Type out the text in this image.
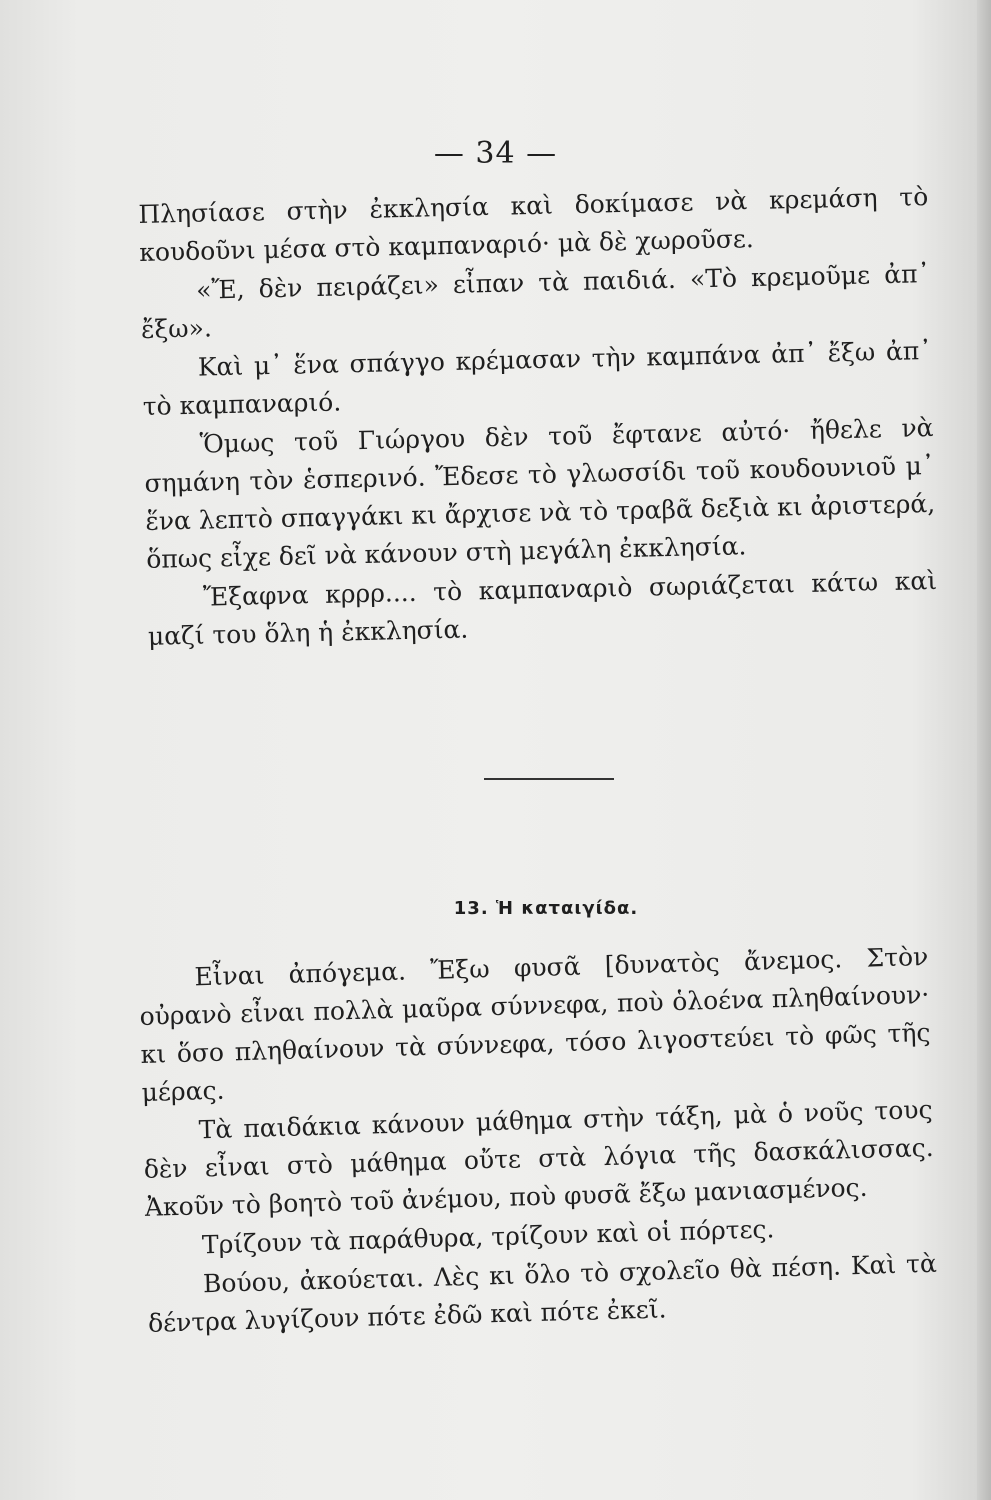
— 34 —

Πλησίασε στὴν ἐκκλησία καὶ δοκίμασε νὰ κρεμάση τὸ κουδοῦνι μέσα στὸ καμπαναριό· μὰ δὲ χωροῦσε.

«Ἔ, δὲν πειράζει» εἶπαν τὰ παιδιά. «Τὸ κρεμοῦμε ἀπ᾽ ἔξω».

Καὶ μ᾽ ἕνα σπάγγο κρέμασαν τὴν καμπάνα ἀπ᾽ ἔξω ἀπ᾽ τὸ καμπαναριό.

Ὅμως τοῦ Γιώργου δὲν τοῦ ἔφτανε αὐτό· ἤθελε νὰ σημάνη τὸν ἑσπερινό. Ἔδεσε τὸ γλωσσίδι τοῦ κουδουνιοῦ μ᾽ ἕνα λεπτὸ σπαγγάκι κι ἄρχισε νὰ τὸ τραβᾶ δεξιὰ κι ἀριστερά, ὅπως εἶχε δεῖ νὰ κάνουν στὴ μεγάλη ἐκκλησία.

Ἔξαφνα κρρρ.... τὸ καμπαναριὸ σωριάζεται κάτω καὶ μαζί του ὅλη ἡ ἐκκλησία.

13. Ἡ καταιγίδα.

Εἶναι ἀπόγεμα. Ἔξω φυσᾶ [δυνατὸς ἄνεμος. Στὸν οὐρανὸ εἶναι πολλὰ μαῦρα σύννεφα, ποὺ ὁλοένα πληθαίνουν· κι ὅσο πληθαίνουν τὰ σύννεφα, τόσο λιγοστεύει τὸ φῶς τῆς μέρας.

Τὰ παιδάκια κάνουν μάθημα στὴν τάξη, μὰ ὁ νοῦς τους δὲν εἶναι στὸ μάθημα οὔτε στὰ λόγια τῆς δασκάλισσας. Ἀκοῦν τὸ βοητὸ τοῦ ἀνέμου, ποὺ φυσᾶ ἔξω μανιασμένος.

Τρίζουν τὰ παράθυρα, τρίζουν καὶ οἱ πόρτες.

Βούου, ἀκούεται. Λὲς κι ὅλο τὸ σχολεῖο θὰ πέση. Καὶ τὰ δέντρα λυγίζουν πότε ἐδῶ καὶ πότε ἐκεῖ.
